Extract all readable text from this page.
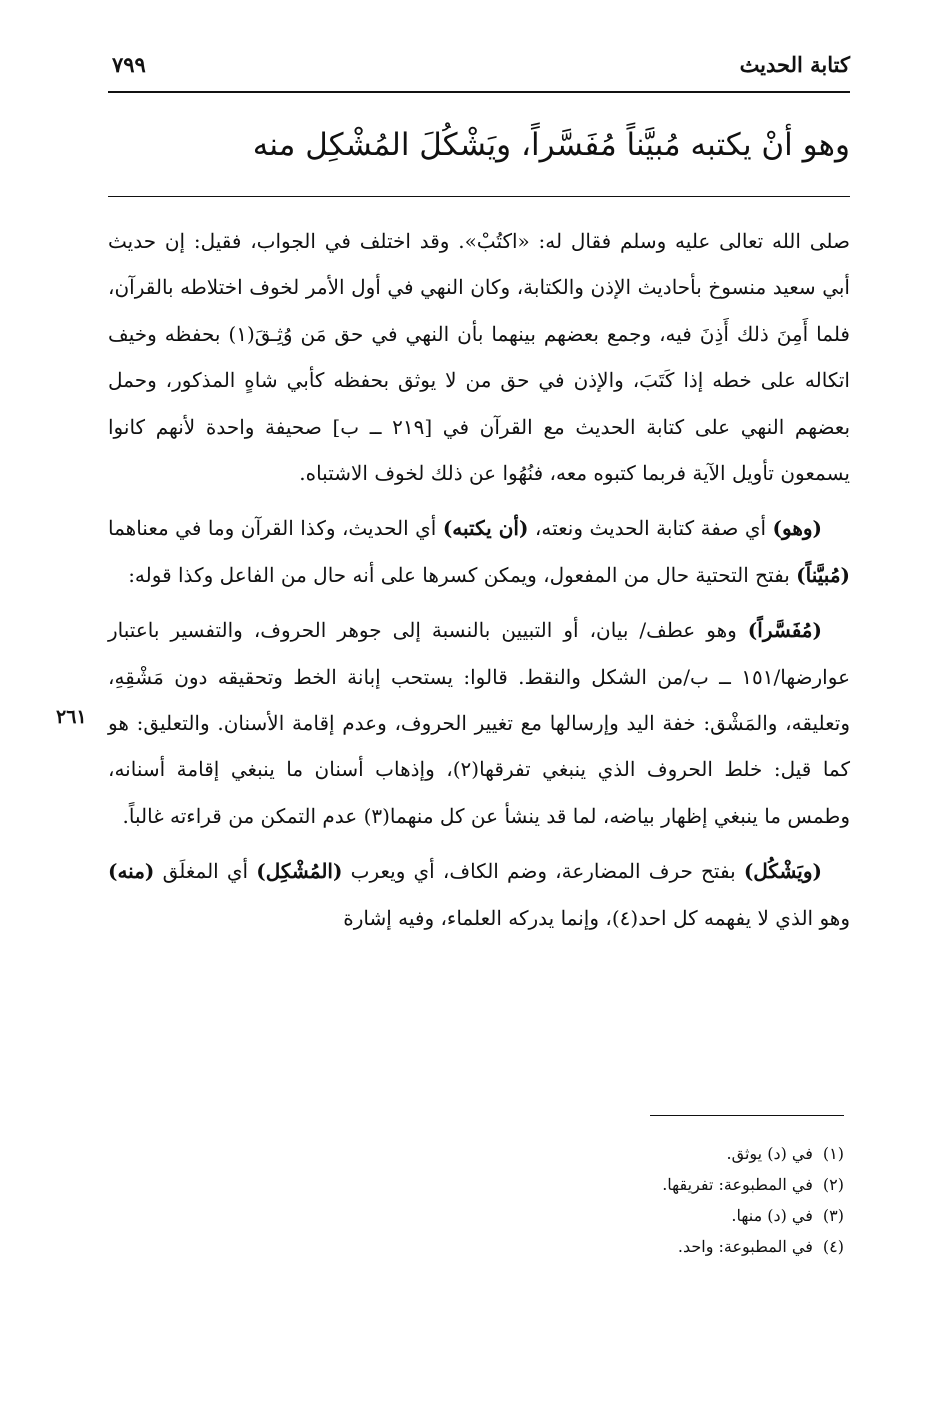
كتابة الحديث
٧٩٩
وهو أنْ يكتبه مُبيَّناً مُفَسَّراً، ويَشْكُلَ المُشْكِل منه

صلى الله تعالى عليه وسلم فقال له: «اكتُبْ». وقد اختلف في الجواب، فقيل: إن حديث أبي سعيد منسوخ بأحاديث الإذن والكتابة، وكان النهي في أول الأمر لخوف اختلاطه بالقرآن، فلما أَمِنَ ذلك أَذِنَ فيه، وجمع بعضهم بينهما بأن النهي في حق مَن وُثِـقَ(١) بحفظه وخيف اتكاله على خطه إذا كَتَبَ، والإذن في حق من لا يوثق بحفظه كأبي شاهٍ المذكور، وحمل بعضهم النهي على كتابة الحديث مع القرآن في [٢١٩ ــ ب] صحيفة واحدة لأنهم كانوا يسمعون تأويل الآية فربما كتبوه معه، فنُهُوا عن ذلك لخوف الاشتباه.

(وهو) أي صفة كتابة الحديث ونعته، (أن يكتبه) أي الحديث، وكذا القرآن وما في معناهما (مُبيَّناً) بفتح التحتية حال من المفعول، ويمكن كسرها على أنه حال من الفاعل وكذا قوله:

(مُفَسَّراً) وهو عطف/ بيان، أو التبيين بالنسبة إلى جوهر الحروف، والتفسير باعتبار عوارضها/١٥١ ــ ب/من الشكل والنقط. قالوا: يستحب إبانة الخط وتحقيقه دون مَشْقِهِ، وتعليقه، والمَشْق: خفة اليد وإرسالها مع تغيير الحروف، وعدم إقامة الأسنان. والتعليق: هو كما قيل: خلط الحروف الذي ينبغي تفرقها(٢)، وإذهاب أسنان ما ينبغي إقامة أسنانه، وطمس ما ينبغي إظهار بياضه، لما قد ينشأ عن كل منهما(٣) عدم التمكن من قراءته غالباً.

(ويَشْكُل) بفتح حرف المضارعة، وضم الكاف، أي ويعرب (المُشْكِل) أي المغلَق (منه) وهو الذي لا يفهمه كل احد(٤)، وإنما يدركه العلماء، وفيه إشارة

٢٦١

(١)في (د) يوثق.

(٢)في المطبوعة: تفريقها.

(٣)في (د) منها.

(٤)في المطبوعة: واحد.
